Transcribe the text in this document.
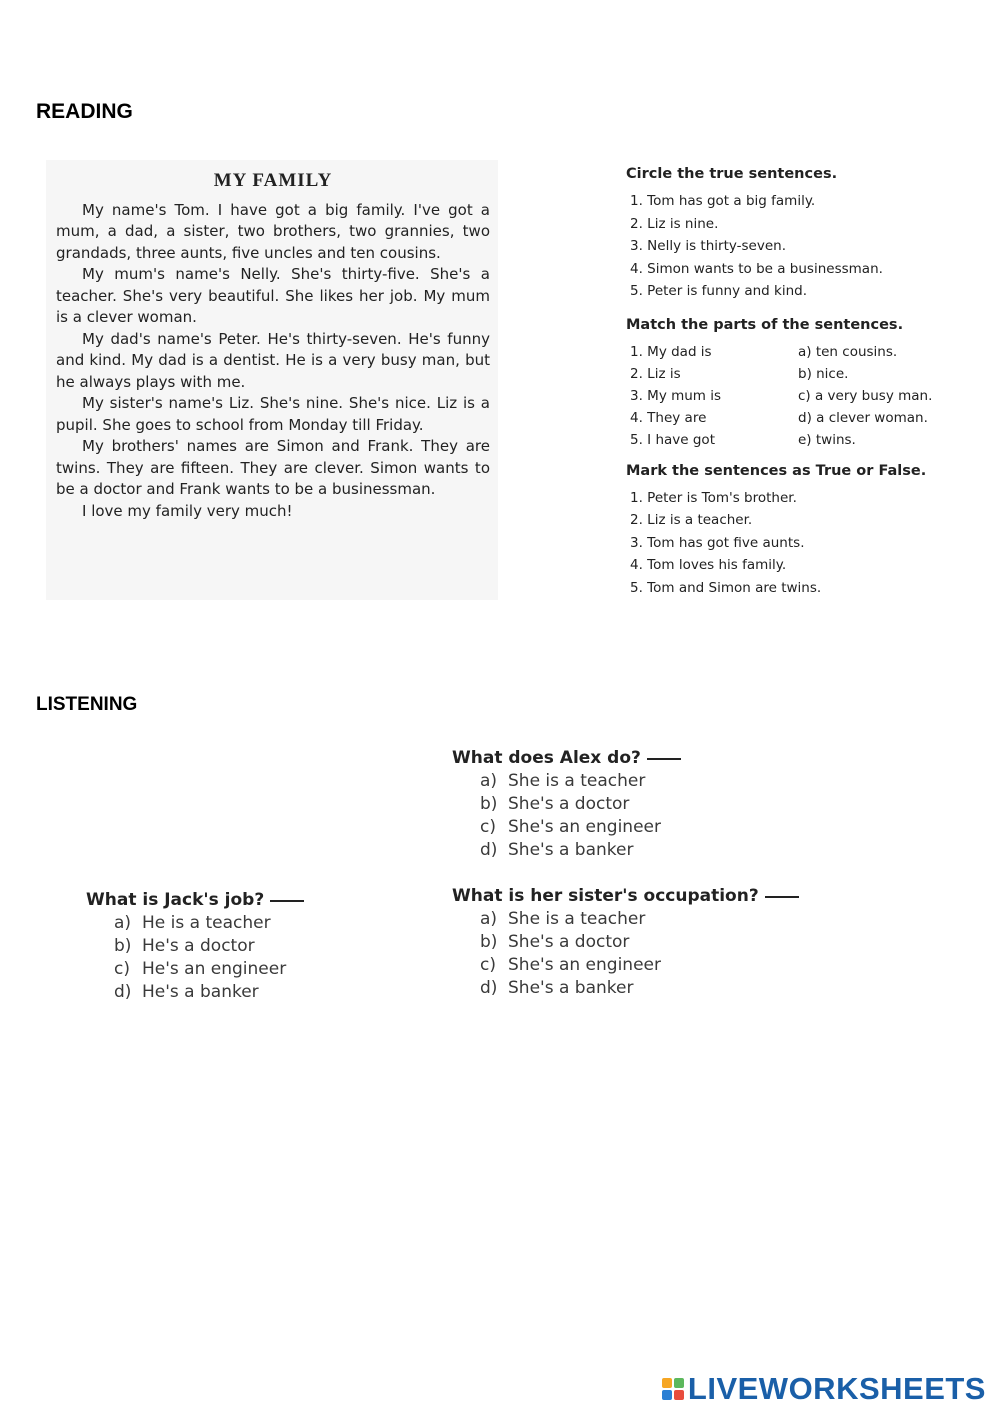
READING
MY FAMILY

My name's Tom. I have got a big family. I've got a mum, a dad, a sister, two brothers, two grannies, two grandads, three aunts, five uncles and ten cousins.

My mum's name's Nelly. She's thirty-five. She's a teacher. She's very beautiful. She likes her job. My mum is a clever woman.

My dad's name's Peter. He's thirty-seven. He's funny and kind. My dad is a dentist. He is a very busy man, but he always plays with me.

My sister's name's Liz. She's nine. She's nice. Liz is a pupil. She goes to school from Monday till Friday.

My brothers' names are Simon and Frank. They are twins. They are fifteen. They are clever. Simon wants to be a doctor and Frank wants to be a businessman.

I love my family very much!

Circle the true sentences.
1. Tom has got a big family.
2. Liz is nine.
3. Nelly is thirty-seven.
4. Simon wants to be a businessman.
5. Peter is funny and kind.
Match the parts of the sentences.
1. My dad is	a) ten cousins.
2. Liz is	b) nice.
3. My mum is	c) a very busy man.
4. They are	d) a clever woman.
5. I have got	e) twins.
Mark the sentences as True or False.
1. Peter is Tom's brother.
2. Liz is a teacher.
3. Tom has got five aunts.
4. Tom loves his family.
5. Tom and Simon are twins.
LISTENING
What does Alex do?
a) She is a teacher
b) She's a doctor
c) She's an engineer
d) She's a banker
What is Jack's job?
a) He is a teacher
b) He's a doctor
c) He's an engineer
d) He's a banker
What is her sister's occupation?
a) She is a teacher
b) She's a doctor
c) She's an engineer
d) She's a banker
LIVEWORKSHEETS
